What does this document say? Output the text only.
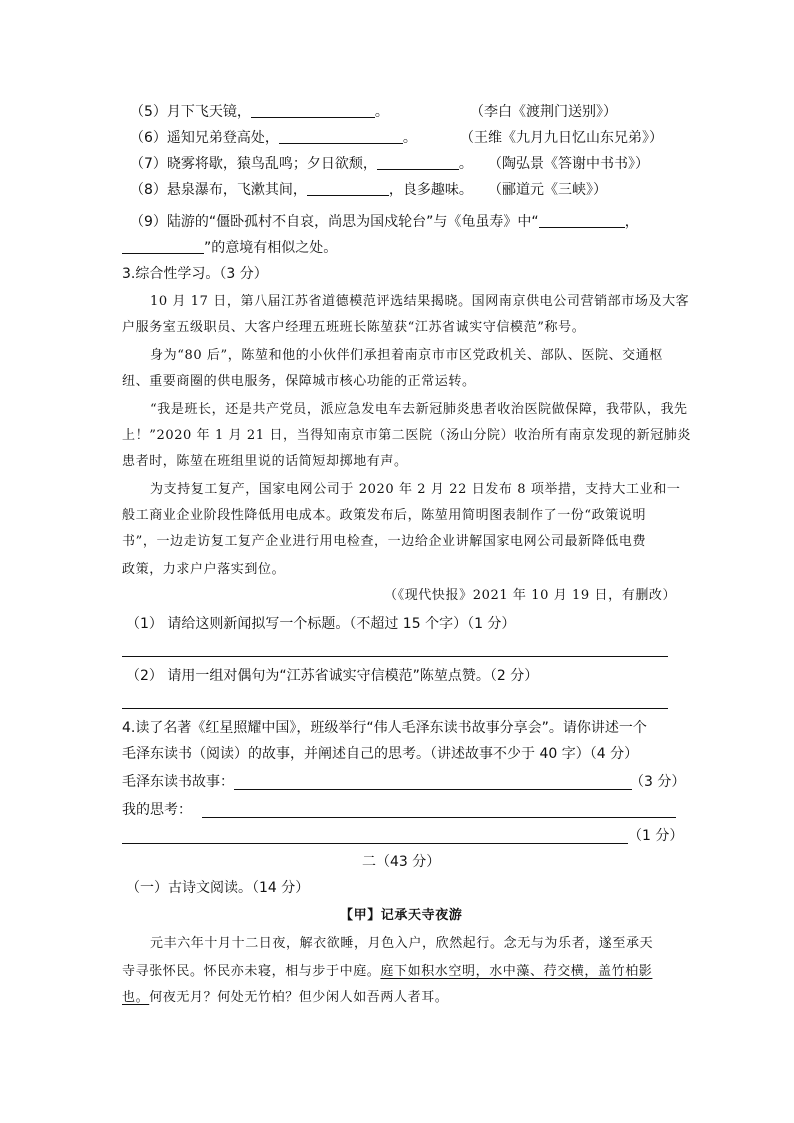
（5）月下飞天镜，	。	（李白《渡荆门送别》）
（6）遥知兄弟登高处，	。	（王维《九月九日忆山东兄弟》）
（7）晓雾将歇，猿鸟乱鸣；夕日欲颓，	。 （陶弘景《答谢中书书》）
（8）悬泉瀑布，飞漱其间，	，良多趣味。 （郦道元《三峡》）
（9）陆游的“僵卧孤村不自哀，尚思为国戍轮台”与《龟虽寿》中“	，
”的意境有相似之处。
3.综合性学习。（3 分）
10 月 17 日，第八届江苏省道德模范评选结果揭晓。国网南京供电公司营销部市场及大客
户服务室五级职员、大客户经理五班班长陈堃获“江苏省诚实守信模范”称号。
身为“80 后”，陈堃和他的小伙伴们承担着南京市市区党政机关、部队、医院、交通枢
纽、重要商圈的供电服务，保障城市核心功能的正常运转。
“我是班长，还是共产党员，派应急发电车去新冠肺炎患者收治医院做保障，我带队，我先
上！”2020 年 1 月 21 日，当得知南京市第二医院（汤山分院）收治所有南京发现的新冠肺炎
患者时，陈堃在班组里说的话简短却掷地有声。
为支持复工复产，国家电网公司于 2020 年 2 月 22 日发布 8 项举措，支持大工业和一
般工商业企业阶段性降低用电成本。政策发布后，陈堃用简明图表制作了一份“政策说明
书”，一边走访复工复产企业进行用电检查，一边给企业讲解国家电网公司最新降低电费
政策，力求户户落实到位。
（《现代快报》2021 年 10 月 19 日，有删改）
（1） 请给这则新闻拟写一个标题。（不超过 15 个字）（1 分）
（2） 请用一组对偶句为“江苏省诚实守信模范”陈堃点赞。（2 分）
4.读了名著《红星照耀中国》，班级举行“伟人毛泽东读书故事分享会”。请你讲述一个
毛泽东读书（阅读）的故事，并阐述自己的思考。（讲述故事不少于 40 字）（4 分）
毛泽东读书故事：	（3 分）
我的思考：
（1 分）
二（43 分）
（一）古诗文阅读。（14 分）
【甲】记承天寺夜游
元丰六年十月十二日夜，解衣欲睡，月色入户，欣然起行。念无与为乐者，遂至承天
寺寻张怀民。怀民亦未寝，相与步于中庭。庭下如积水空明，水中藻、荇交横，盖竹柏影
也。何夜无月？何处无竹柏？但少闲人如吾两人者耳。
